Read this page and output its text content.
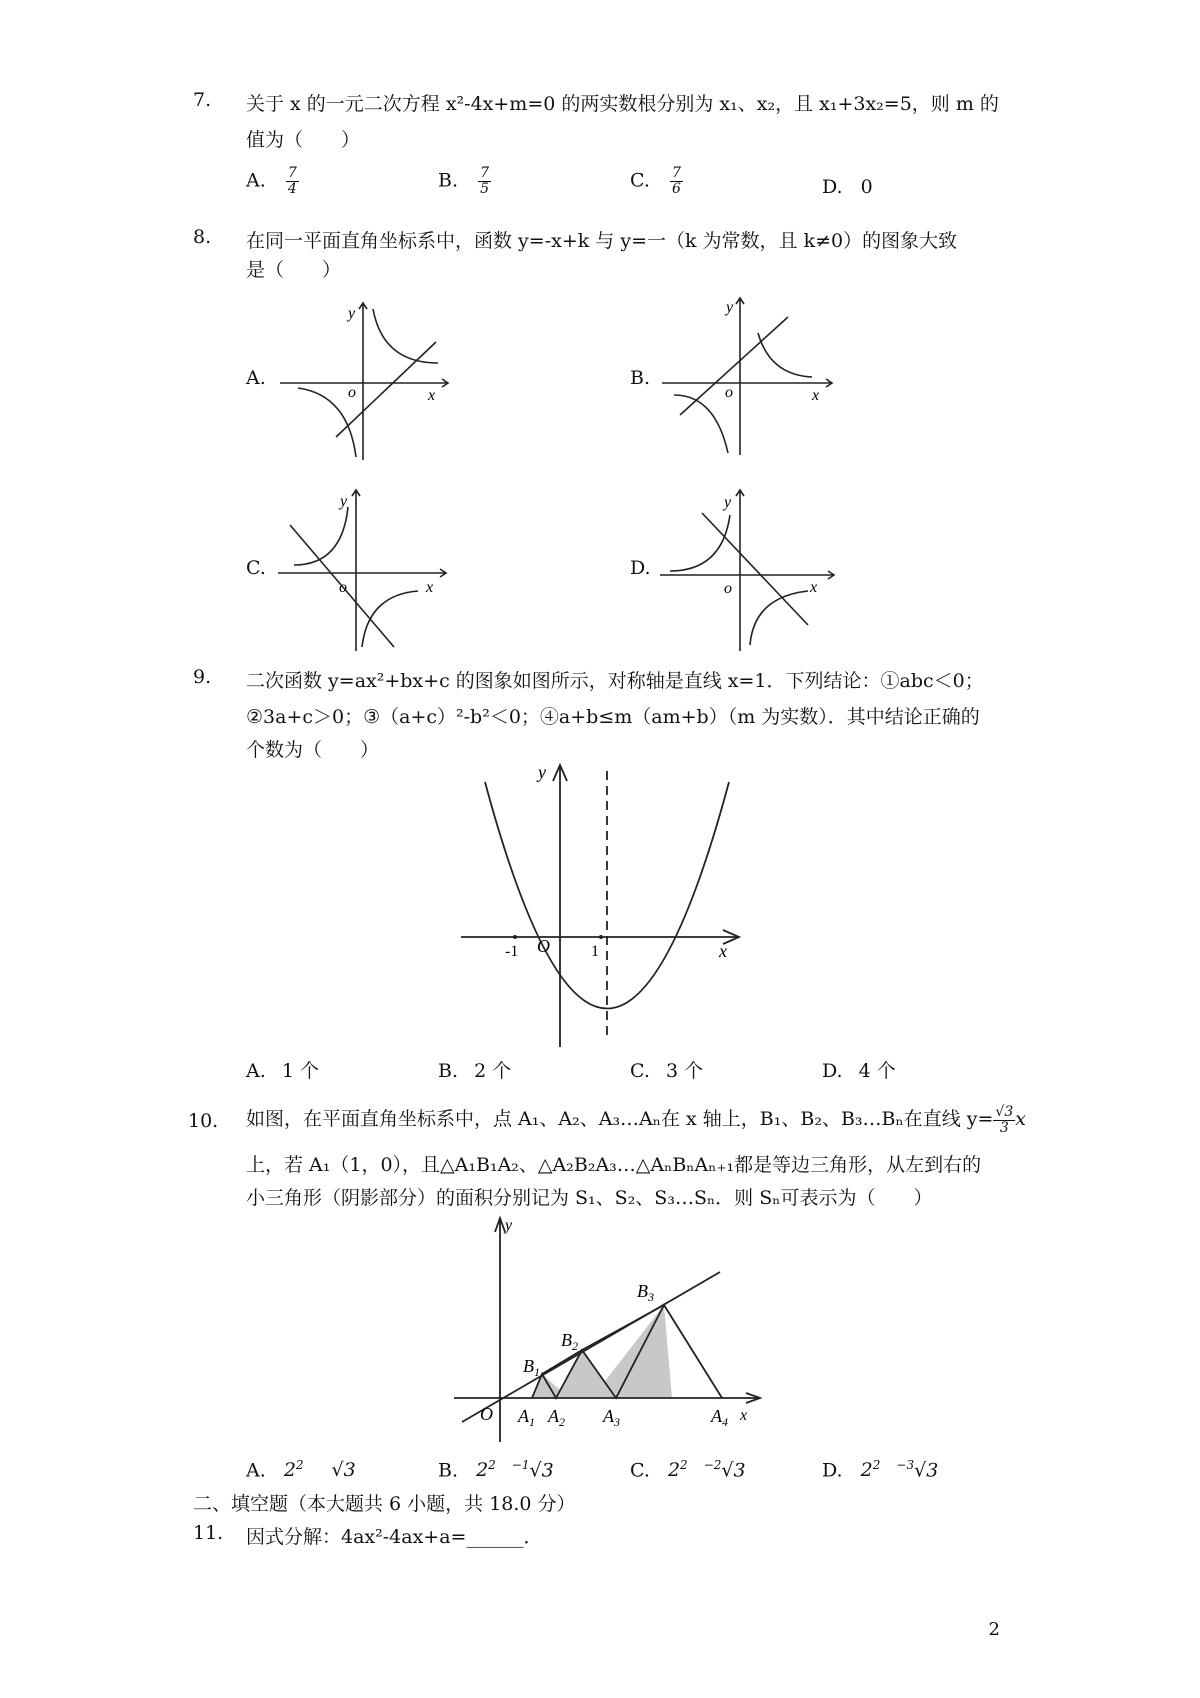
7. 关于 x 的一元二次方程 x²-4x+m=0 的两实数根分别为 x₁、x₂，且 x₁+3x₂=5，则 m 的
值为（　　）
A. $\frac{7}{4}$	B. $\frac{7}{5}$	C. $\frac{7}{6}$	D. 0
8. 在同一平面直角坐标系中，函数 y=-x+k 与 y=一（k 为常数，且 k≠0）的图象大致
是（　　）
A.
y
o	x
B.
y
o	x
C.
y
o	x
D.
y
o	x
9. 二次函数 y=ax²+bx+c 的图象如图所示，对称轴是直线 x=1．下列结论：①abc＜0；
②3a+c＞0；③（a+c）²-b²＜0；④a+b≤m（am+b）（m 为实数）．其中结论正确的
个数为（　　）
y
O
-1	1	x
A. 1 个	B. 2 个	C. 3 个	D. 4 个
10. 如图，在平面直角坐标系中，点 A₁、A₂、A₃…Aₙ在 x 轴上，B₁、B₂、B₃…Bₙ在直线 $y= \frac{√3}{3}$ x
上，若 A₁（1，0），且△A₁B₁A₂、△A₂B₂A₃…△AₙBₙAₙ₊₁都是等边三角形，从左到右的
小三角形（阴影部分）的面积分别记为 S₁、S₂、S₃…Sₙ．则 Sₙ可表示为（　　）
y
O	x
$B_1$
$B_2$
$B_3$
$A_1$ $A_2$ $A_3$	$A_4$
A. $2^2$ √3	B. $2^2$ $^{-1}$√3	C. $2^2$ $^{-2}$√3	D. $2^2$ $^{-3}$√3
二、填空题（本大题共 6 小题，共 18.0 分）
11. 因式分解：4ax²-4ax+a=______．
2
